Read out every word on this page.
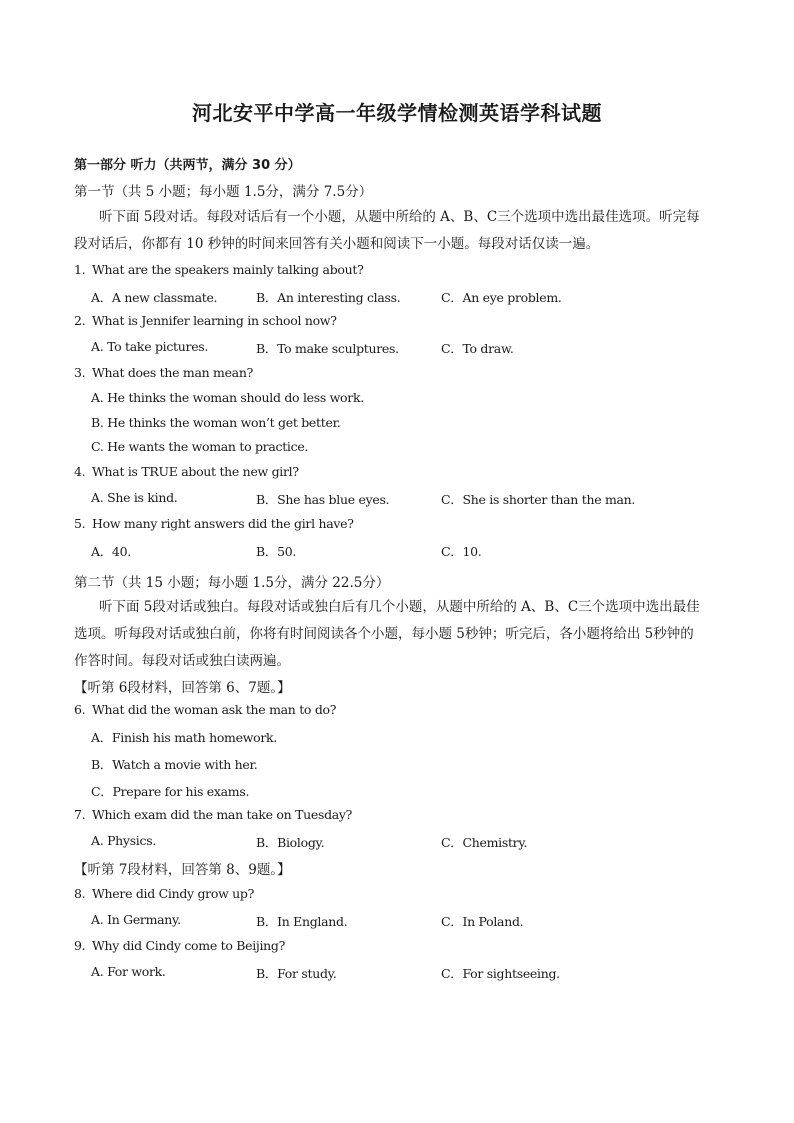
河北安平中学高一年级学情检测英语学科试题
第一部分 听力（共两节，满分 30 分）
第一节（共 5 小题；每小题 1.5分，满分 7.5分）
听下面 5段对话。每段对话后有一个小题，从题中所给的 A、B、C三个选项中选出最佳选项。听完每
段对话后，你都有 10 秒钟的时间来回答有关小题和阅读下一小题。每段对话仅读一遍。
1. What are the speakers mainly talking about?
A．A new classmate.	B．An interesting class.	C．An eye problem.
2. What is Jennifer learning in school now?
A. To take pictures.	B．To make sculptures.	C．To draw.
3. What does the man mean?
A. He thinks the woman should do less work.
B. He thinks the woman won’t get better.
C. He wants the woman to practice.
4. What is TRUE about the new girl?
A. She is kind.	B．She has blue eyes.	C．She is shorter than the man.
5. How many right answers did the girl have?
A．40.	B．50.	C．10.
第二节（共 15 小题；每小题 1.5分，满分 22.5分）
听下面 5段对话或独白。每段对话或独白后有几个小题，从题中所给的 A、B、C三个选项中选出最佳
选项。听每段对话或独白前，你将有时间阅读各个小题，每小题 5秒钟；听完后，各小题将给出 5秒钟的
作答时间。每段对话或独白读两遍。
【听第 6段材料，回答第 6、7题。】
6. What did the woman ask the man to do?
A．Finish his math homework.
B．Watch a movie with her.
C．Prepare for his exams.
7. Which exam did the man take on Tuesday?
A. Physics.	B．Biology.	C．Chemistry.
【听第 7段材料，回答第 8、9题。】
8. Where did Cindy grow up?
A. In Germany.	B．In England.	C．In Poland.
9. Why did Cindy come to Beijing?
A. For work.	B．For study.	C．For sightseeing.
